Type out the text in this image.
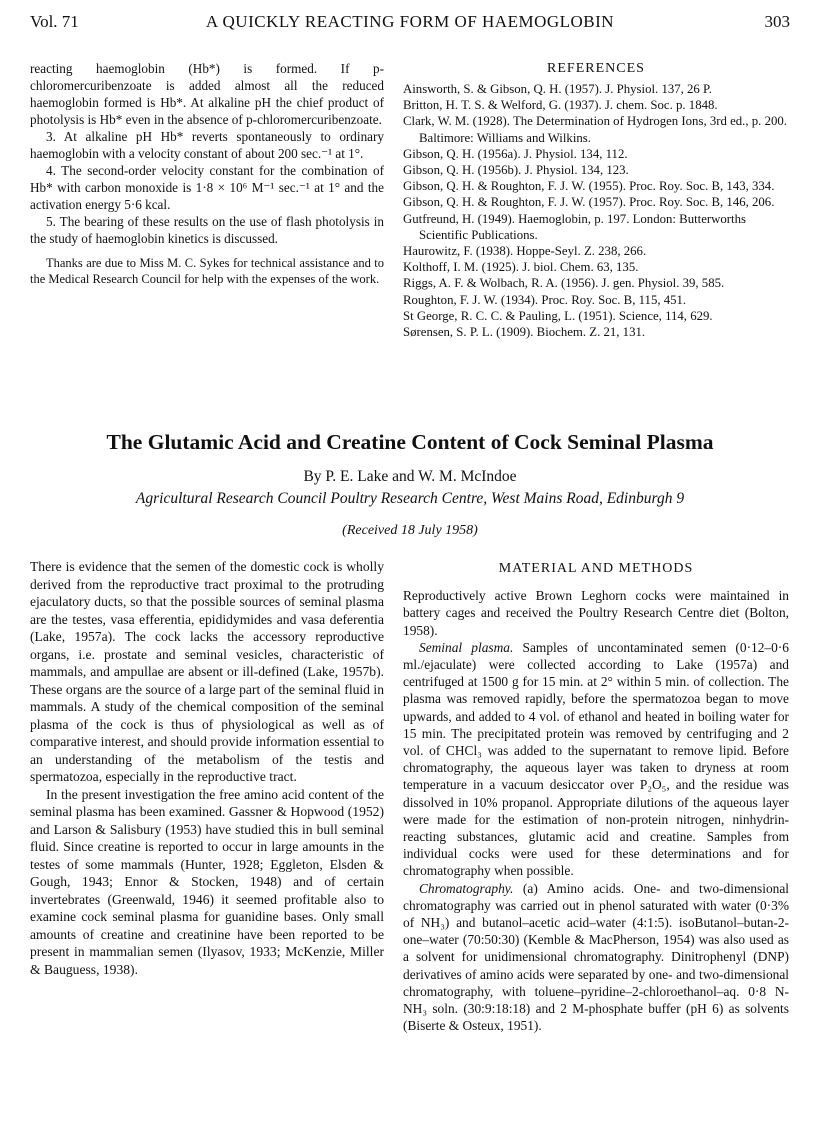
Vol. 71	A QUICKLY REACTING FORM OF HAEMOGLOBIN	303

reacting haemoglobin (Hb*) is formed. If p-chloromercuribenzoate is added almost all the reduced haemoglobin formed is Hb*. At alkaline pH the chief product of photolysis is Hb* even in the absence of p-chloromercuribenzoate.

3. At alkaline pH Hb* reverts spontaneously to ordinary haemoglobin with a velocity constant of about 200 sec.⁻¹ at 1°.

4. The second-order velocity constant for the combination of Hb* with carbon monoxide is 1·8 × 10⁶ M⁻¹ sec.⁻¹ at 1° and the activation energy 5·6 kcal.

5. The bearing of these results on the use of flash photolysis in the study of haemoglobin kinetics is discussed.

Thanks are due to Miss M. C. Sykes for technical assistance and to the Medical Research Council for help with the expenses of the work.

REFERENCES

Ainsworth, S. & Gibson, Q. H. (1957). J. Physiol. 137, 26 P.

Britton, H. T. S. & Welford, G. (1937). J. chem. Soc. p. 1848.

Clark, W. M. (1928). The Determination of Hydrogen Ions, 3rd ed., p. 200. Baltimore: Williams and Wilkins.

Gibson, Q. H. (1956a). J. Physiol. 134, 112.

Gibson, Q. H. (1956b). J. Physiol. 134, 123.

Gibson, Q. H. & Roughton, F. J. W. (1955). Proc. Roy. Soc. B, 143, 334.

Gibson, Q. H. & Roughton, F. J. W. (1957). Proc. Roy. Soc. B, 146, 206.

Gutfreund, H. (1949). Haemoglobin, p. 197. London: Butterworths Scientific Publications.

Haurowitz, F. (1938). Hoppe-Seyl. Z. 238, 266.

Kolthoff, I. M. (1925). J. biol. Chem. 63, 135.

Riggs, A. F. & Wolbach, R. A. (1956). J. gen. Physiol. 39, 585.

Roughton, F. J. W. (1934). Proc. Roy. Soc. B, 115, 451.

St George, R. C. C. & Pauling, L. (1951). Science, 114, 629.

Sørensen, S. P. L. (1909). Biochem. Z. 21, 131.

The Glutamic Acid and Creatine Content of Cock Seminal Plasma
By P. E. Lake and W. M. McIndoe
Agricultural Research Council Poultry Research Centre, West Mains Road, Edinburgh 9
(Received 18 July 1958)

There is evidence that the semen of the domestic cock is wholly derived from the reproductive tract proximal to the protruding ejaculatory ducts, so that the possible sources of seminal plasma are the testes, vasa efferentia, epididymides and vasa deferentia (Lake, 1957a). The cock lacks the accessory reproductive organs, i.e. prostate and seminal vesicles, characteristic of mammals, and ampullae are absent or ill-defined (Lake, 1957b). These organs are the source of a large part of the seminal fluid in mammals. A study of the chemical composition of the seminal plasma of the cock is thus of physiological as well as of comparative interest, and should provide information essential to an understanding of the metabolism of the testis and spermatozoa, especially in the reproductive tract.

In the present investigation the free amino acid content of the seminal plasma has been examined. Gassner & Hopwood (1952) and Larson & Salisbury (1953) have studied this in bull seminal fluid. Since creatine is reported to occur in large amounts in the testes of some mammals (Hunter, 1928; Eggleton, Elsden & Gough, 1943; Ennor & Stocken, 1948) and of certain invertebrates (Greenwald, 1946) it seemed profitable also to examine cock seminal plasma for guanidine bases. Only small amounts of creatine and creatinine have been reported to be present in mammalian semen (Ilyasov, 1933; McKenzie, Miller & Bauguess, 1938).

MATERIAL AND METHODS

Reproductively active Brown Leghorn cocks were maintained in battery cages and received the Poultry Research Centre diet (Bolton, 1958).

Seminal plasma. Samples of uncontaminated semen (0·12–0·6 ml./ejaculate) were collected according to Lake (1957a) and centrifuged at 1500 g for 15 min. at 2° within 5 min. of collection. The plasma was removed rapidly, before the spermatozoa began to move upwards, and added to 4 vol. of ethanol and heated in boiling water for 15 min. The precipitated protein was removed by centrifuging and 2 vol. of CHCl₃ was added to the supernatant to remove lipid. Before chromatography, the aqueous layer was taken to dryness at room temperature in a vacuum desiccator over P₂O₅, and the residue was dissolved in 10% propanol. Appropriate dilutions of the aqueous layer were made for the estimation of non-protein nitrogen, ninhydrin-reacting substances, glutamic acid and creatine. Samples from individual cocks were used for these determinations and for chromatography when possible.

Chromatography. (a) Amino acids. One- and two-dimensional chromatography was carried out in phenol saturated with water (0·3% of NH₃) and butanol–acetic acid–water (4:1:5). isoButanol–butan-2-one–water (70:50:30) (Kemble & MacPherson, 1954) was also used as a solvent for unidimensional chromatography. Dinitrophenyl (DNP) derivatives of amino acids were separated by one- and two-dimensional chromatography, with toluene–pyridine–2-chloroethanol–aq. 0·8 N-NH₃ soln. (30:9:18:18) and 2 M-phosphate buffer (pH 6) as solvents (Biserte & Osteux, 1951).
